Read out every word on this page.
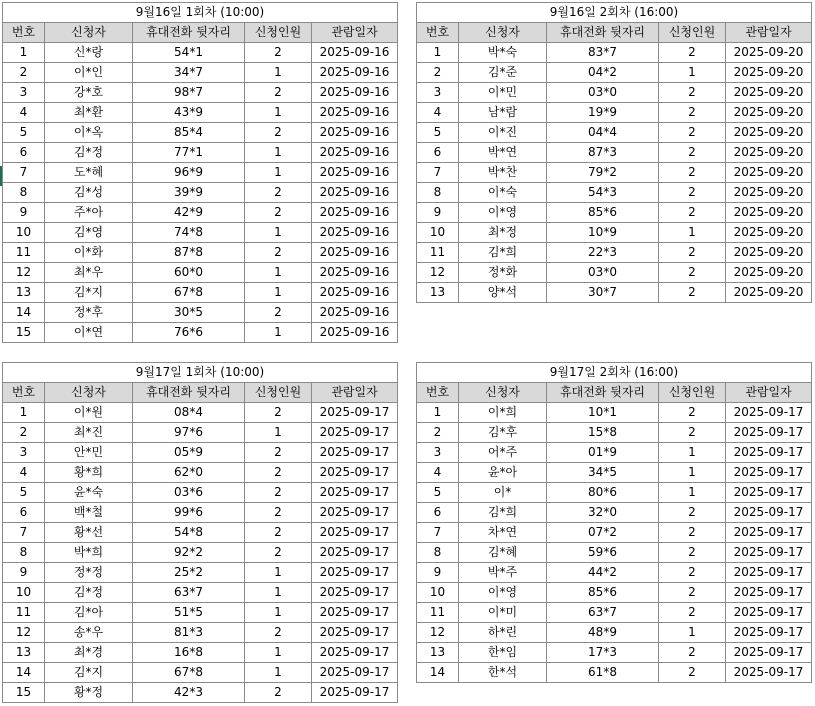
9월16일 1회차 (10:00)				
번호	신청자	휴대전화 뒷자리	신청인원	관람일자
1	신*랑	54*1	2	2025-09-16
2	이*인	34*7	1	2025-09-16
3	강*호	98*7	2	2025-09-16
4	최*환	43*9	1	2025-09-16
5	이*옥	85*4	2	2025-09-16
6	김*정	77*1	1	2025-09-16
7	도*혜	96*9	1	2025-09-16
8	김*성	39*9	2	2025-09-16
9	주*아	42*9	2	2025-09-16
10	김*영	74*8	1	2025-09-16
11	이*화	87*8	2	2025-09-16
12	최*우	60*0	1	2025-09-16
13	김*지	67*8	1	2025-09-16
14	정*후	30*5	2	2025-09-16
15	이*연	76*6	1	2025-09-16
9월16일 2회차 (16:00)				
번호	신청자	휴대전화 뒷자리	신청인원	관람일자
1	박*숙	83*7	2	2025-09-20
2	김*준	04*2	1	2025-09-20
3	이*민	03*0	2	2025-09-20
4	남*람	19*9	2	2025-09-20
5	이*진	04*4	2	2025-09-20
6	박*연	87*3	2	2025-09-20
7	박*찬	79*2	2	2025-09-20
8	이*숙	54*3	2	2025-09-20
9	이*영	85*6	2	2025-09-20
10	최*정	10*9	1	2025-09-20
11	김*희	22*3	2	2025-09-20
12	정*화	03*0	2	2025-09-20
13	양*석	30*7	2	2025-09-20
9월17일 1회차 (10:00)				
번호	신청자	휴대전화 뒷자리	신청인원	관람일자
1	이*원	08*4	2	2025-09-17
2	최*진	97*6	1	2025-09-17
3	안*민	05*9	2	2025-09-17
4	황*희	62*0	2	2025-09-17
5	윤*숙	03*6	2	2025-09-17
6	백*철	99*6	2	2025-09-17
7	황*선	54*8	2	2025-09-17
8	박*희	92*2	2	2025-09-17
9	정*정	25*2	1	2025-09-17
10	김*정	63*7	1	2025-09-17
11	김*아	51*5	1	2025-09-17
12	송*우	81*3	2	2025-09-17
13	최*경	16*8	1	2025-09-17
14	김*지	67*8	1	2025-09-17
15	황*정	42*3	2	2025-09-17
9월17일 2회차 (16:00)				
번호	신청자	휴대전화 뒷자리	신청인원	관람일자
1	이*희	10*1	2	2025-09-17
2	김*후	15*8	2	2025-09-17
3	어*주	01*9	1	2025-09-17
4	윤*아	34*5	1	2025-09-17
5	이*	80*6	1	2025-09-17
6	김*희	32*0	2	2025-09-17
7	차*연	07*2	2	2025-09-17
8	김*혜	59*6	2	2025-09-17
9	박*주	44*2	2	2025-09-17
10	이*영	85*6	2	2025-09-17
11	이*미	63*7	2	2025-09-17
12	하*린	48*9	1	2025-09-17
13	한*임	17*3	2	2025-09-17
14	한*석	61*8	2	2025-09-17
